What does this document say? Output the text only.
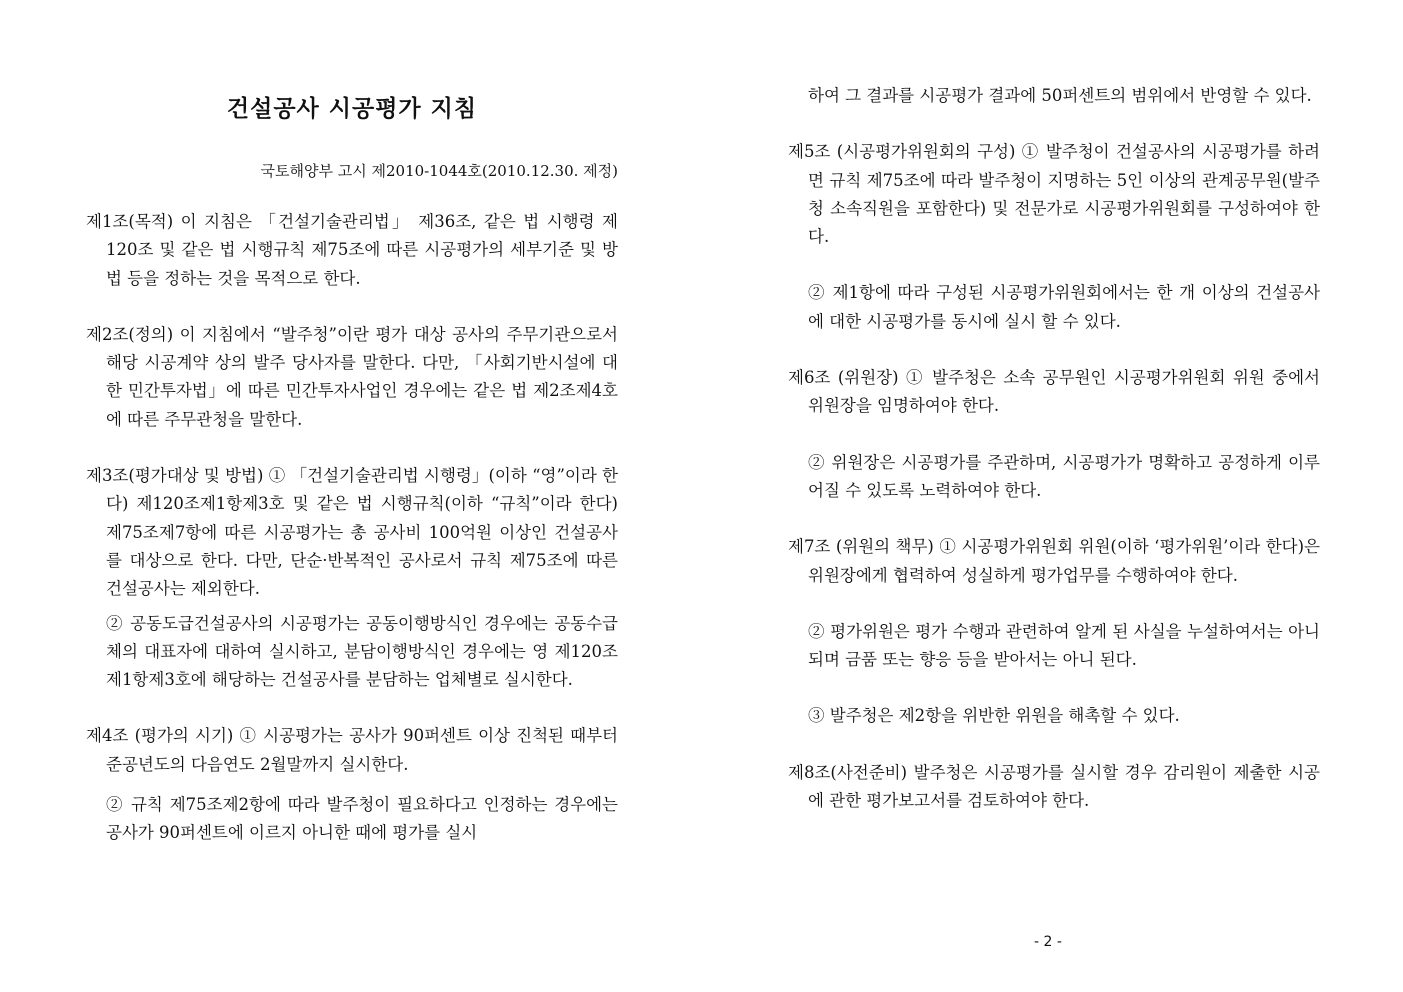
건설공사 시공평가 지침
국토해양부 고시 제2010-1044호(2010.12.30. 제정)

제1조(목적) 이 지침은 「건설기술관리법」 제36조, 같은 법 시행령 제120조 및 같은 법 시행규칙 제75조에 따른 시공평가의 세부기준 및 방법 등을 정하는 것을 목적으로 한다.

제2조(정의) 이 지침에서 “발주청”이란 평가 대상 공사의 주무기관으로서 해당 시공계약 상의 발주 당사자를 말한다. 다만, 「사회기반시설에 대한 민간투자법」에 따른 민간투자사업인 경우에는 같은 법 제2조제4호에 따른 주무관청을 말한다.

제3조(평가대상 및 방법) ① 「건설기술관리법 시행령」(이하 “영”이라 한다) 제120조제1항제3호 및 같은 법 시행규칙(이하 “규칙”이라 한다) 제75조제7항에 따른 시공평가는 총 공사비 100억원 이상인 건설공사를 대상으로 한다. 다만, 단순·반복적인 공사로서 규칙 제75조에 따른 건설공사는 제외한다.

② 공동도급건설공사의 시공평가는 공동이행방식인 경우에는 공동수급체의 대표자에 대하여 실시하고, 분담이행방식인 경우에는 영 제120조제1항제3호에 해당하는 건설공사를 분담하는 업체별로 실시한다.

제4조 (평가의 시기) ① 시공평가는 공사가 90퍼센트 이상 진척된 때부터 준공년도의 다음연도 2월말까지 실시한다.

② 규칙 제75조제2항에 따라 발주청이 필요하다고 인정하는 경우에는 공사가 90퍼센트에 이르지 아니한 때에 평가를 실시

하여 그 결과를 시공평가 결과에 50퍼센트의 범위에서 반영할 수 있다.

제5조 (시공평가위원회의 구성) ① 발주청이 건설공사의 시공평가를 하려면 규칙 제75조에 따라 발주청이 지명하는 5인 이상의 관계공무원(발주청 소속직원을 포함한다) 및 전문가로 시공평가위원회를 구성하여야 한다.

② 제1항에 따라 구성된 시공평가위원회에서는 한 개 이상의 건설공사에 대한 시공평가를 동시에 실시 할 수 있다.

제6조 (위원장) ① 발주청은 소속 공무원인 시공평가위원회 위원 중에서 위원장을 임명하여야 한다.

② 위원장은 시공평가를 주관하며, 시공평가가 명확하고 공정하게 이루어질 수 있도록 노력하여야 한다.

제7조 (위원의 책무) ① 시공평가위원회 위원(이하 ‘평가위원’이라 한다)은 위원장에게 협력하여 성실하게 평가업무를 수행하여야 한다.

② 평가위원은 평가 수행과 관련하여 알게 된 사실을 누설하여서는 아니 되며 금품 또는 향응 등을 받아서는 아니 된다.

③ 발주청은 제2항을 위반한 위원을 해촉할 수 있다.

제8조(사전준비) 발주청은 시공평가를 실시할 경우 감리원이 제출한 시공에 관한 평가보고서를 검토하여야 한다.

- 2 -
